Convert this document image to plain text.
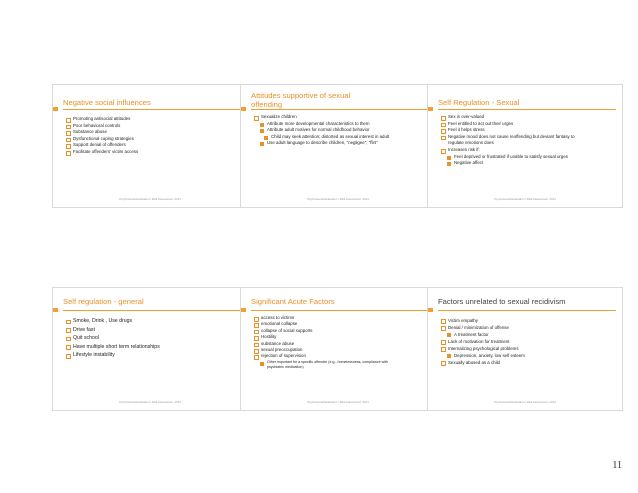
Negative social influences
Promoting antisocial attitudes
Poor behavioral controls
Substance abuse
Dysfunctional coping strategies
Support denial of offenders
Facilitate offenders' victim access
Psychosocial Evaluation / Risk Assessment, 2014
Attitudes supportive of sexual offending
Sexualize children
Attribute more developmental characteristics to them
Attribute adult motives for normal childhood behavior
Child may seek attention; distorted as sexual interest in adult
Use adult language to describe children, "negligee", "flirt"
Psychosocial Evaluation / Risk Assessment, 2014
Self Regulation - Sexual
Sex is over-valued
Feel entitled to act out their urges
Feel it helps stress
Negative mood does not cause reoffending but deviant fantasy to regulate emotions does
Increases risk if:
Feel deprived or frustrated if unable to satisfy sexual urges
Negative affect
Psychosocial Evaluation / Risk Assessment, 2014
Self regulation - general
Smoke, Drink , Use drugs
Drive fast
Quit school
Have multiple short term relationships
Lifestyle instability
Psychosocial Evaluation / Risk Assessment, 2014
Significant Acute Factors
access to victims
emotional collapse
collapse of social supports
Hostility
substance abuse
sexual preoccupation
rejection of supervision
Other important for a specific offender (e.g., homelessness, compliance with psychiatric medication)
Psychosocial Evaluation / Risk Assessment, 2014
Factors unrelated to sexual recidivism
Victim empathy
Denial / minimization of offense
A treatment factor
Lack of motivation for treatment
Internalizing psychological problems
Depression, anxiety, low self esteem
Sexually abused as a child
Psychosocial Evaluation / Risk Assessment, 2014
11
